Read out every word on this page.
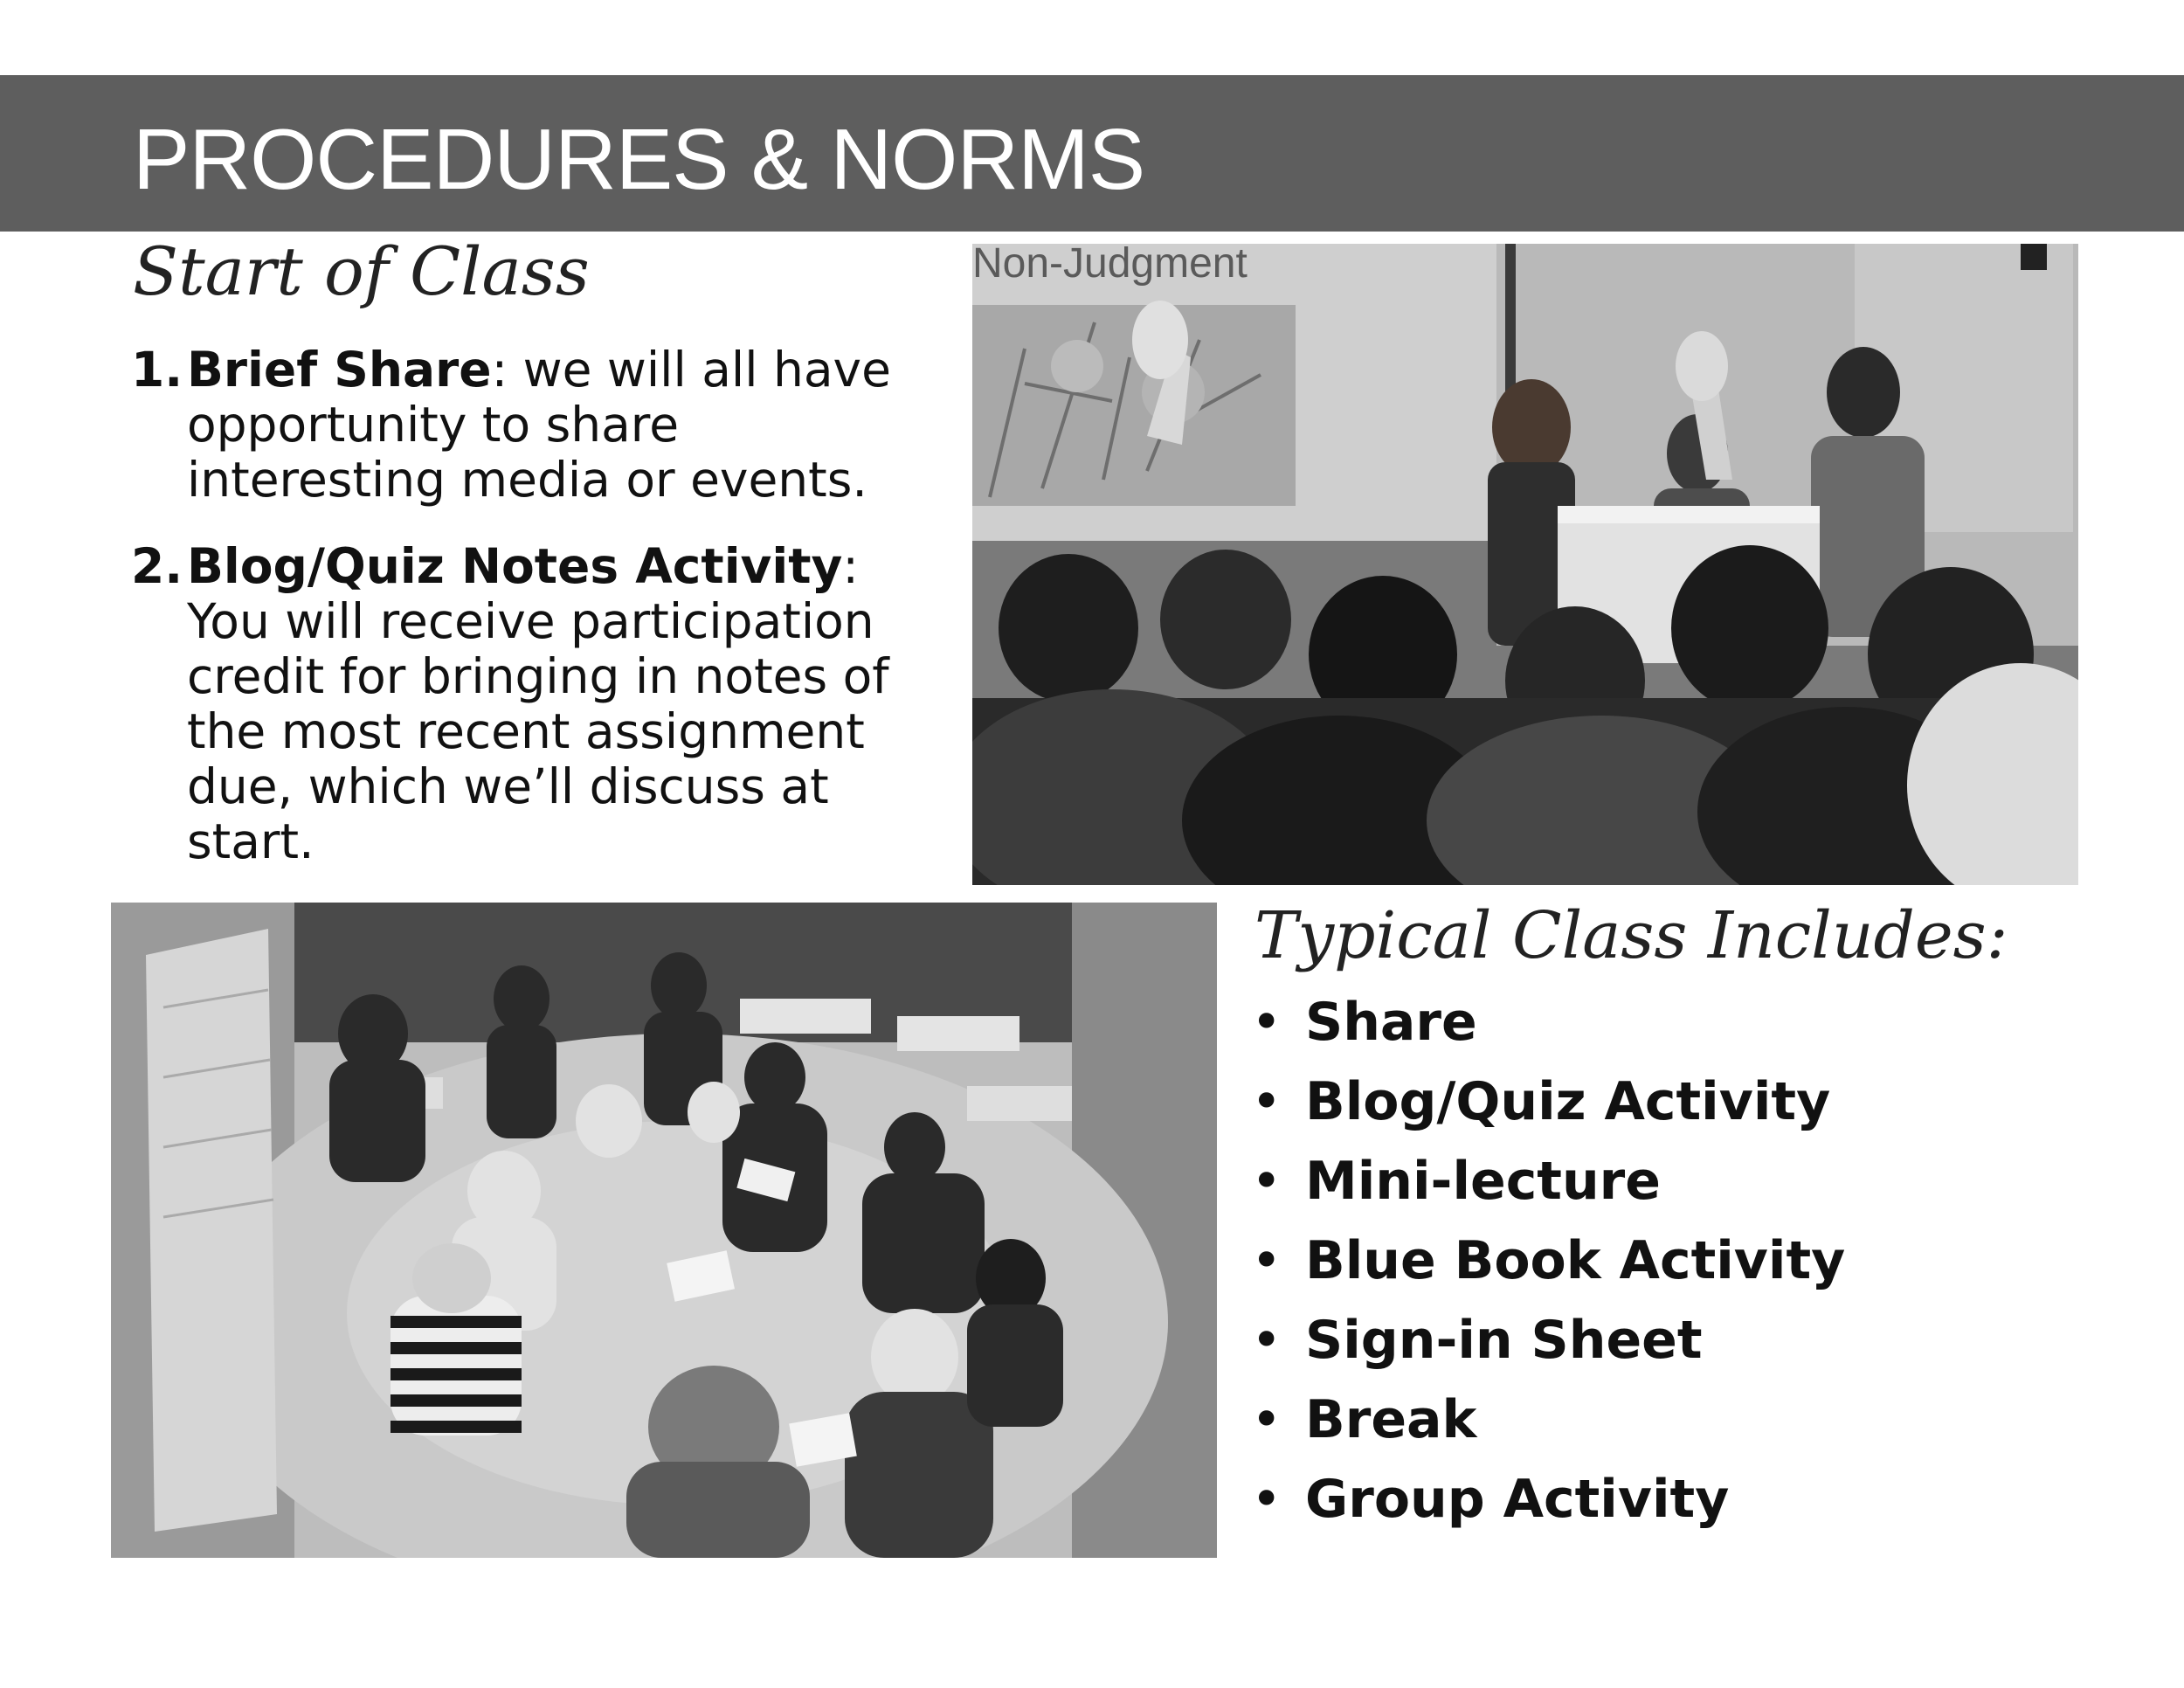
PROCEDURES & NORMS
Start of Class
1. Brief Share: we will all have opportunity to share interesting media or events.
2. Blog/Quiz Notes Activity: You will receive participation credit for bringing in notes of the most recent assignment due, which we’ll discuss at start.
Non-Judgment
Typical Class Includes:
• Share
• Blog/Quiz Activity
• Mini-lecture
• Blue Book Activity
• Sign-in Sheet
• Break
• Group Activity
